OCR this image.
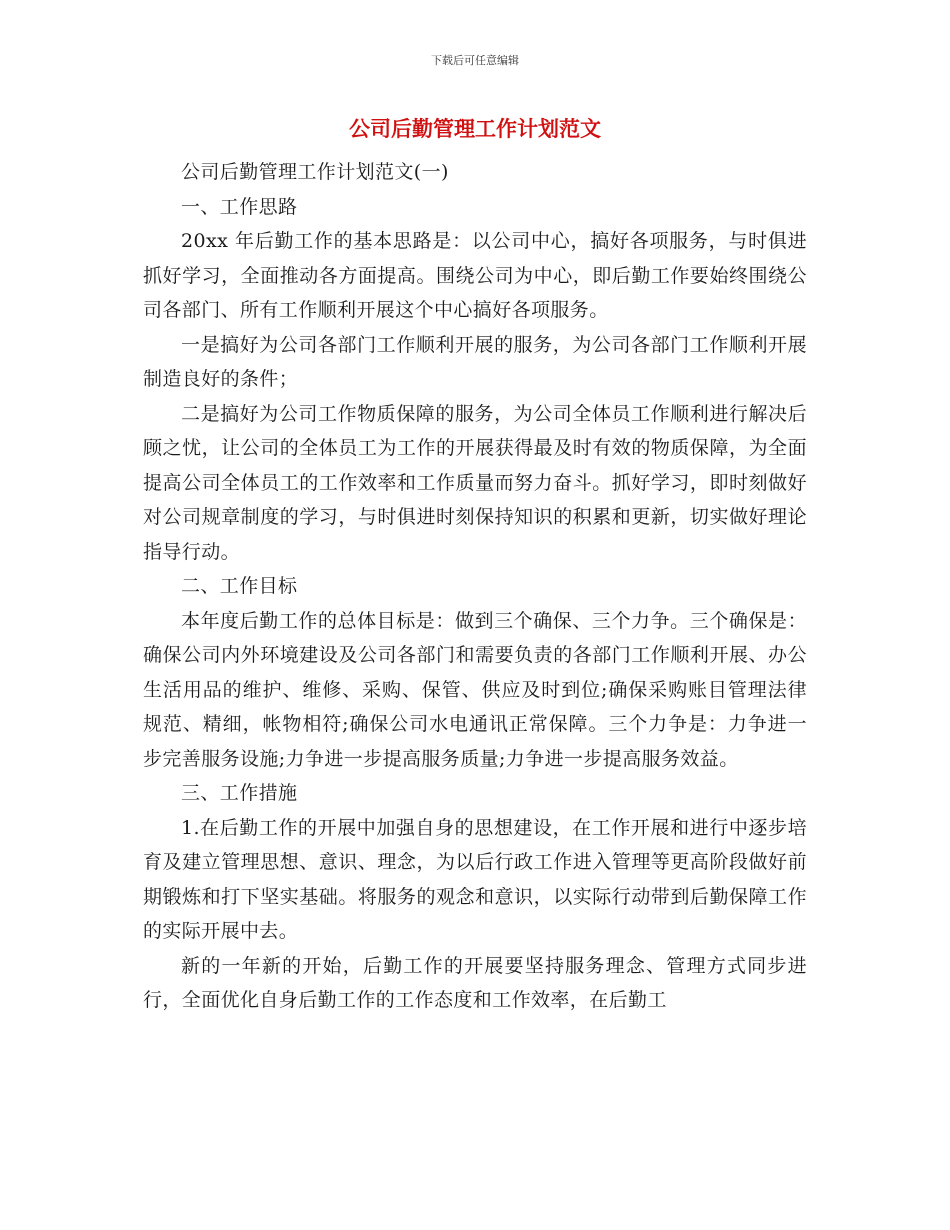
下载后可任意编辑
公司后勤管理工作计划范文

公司后勤管理工作计划范文(一)

一、工作思路

20xx 年后勤工作的基本思路是：以公司中心，搞好各项服务，与时俱进抓好学习，全面推动各方面提高。围绕公司为中心，即后勤工作要始终围绕公司各部门、所有工作顺利开展这个中心搞好各项服务。

一是搞好为公司各部门工作顺利开展的服务，为公司各部门工作顺利开展制造良好的条件；

二是搞好为公司工作物质保障的服务，为公司全体员工作顺利进行解决后顾之忧，让公司的全体员工为工作的开展获得最及时有效的物质保障，为全面提高公司全体员工的工作效率和工作质量而努力奋斗。抓好学习，即时刻做好对公司规章制度的学习，与时俱进时刻保持知识的积累和更新，切实做好理论指导行动。

二、工作目标

本年度后勤工作的总体目标是：做到三个确保、三个力争。三个确保是：确保公司内外环境建设及公司各部门和需要负责的各部门工作顺利开展、办公生活用品的维护、维修、采购、保管、供应及时到位;确保采购账目管理法律规范、精细，帐物相符;确保公司水电通讯正常保障。三个力争是：力争进一步完善服务设施;力争进一步提高服务质量;力争进一步提高服务效益。

三、工作措施

1.在后勤工作的开展中加强自身的思想建设，在工作开展和进行中逐步培育及建立管理思想、意识、理念，为以后行政工作进入管理等更高阶段做好前期锻炼和打下坚实基础。将服务的观念和意识，以实际行动带到后勤保障工作的实际开展中去。

新的一年新的开始，后勤工作的开展要坚持服务理念、管理方式同步进行，全面优化自身后勤工作的工作态度和工作效率，在后勤工
